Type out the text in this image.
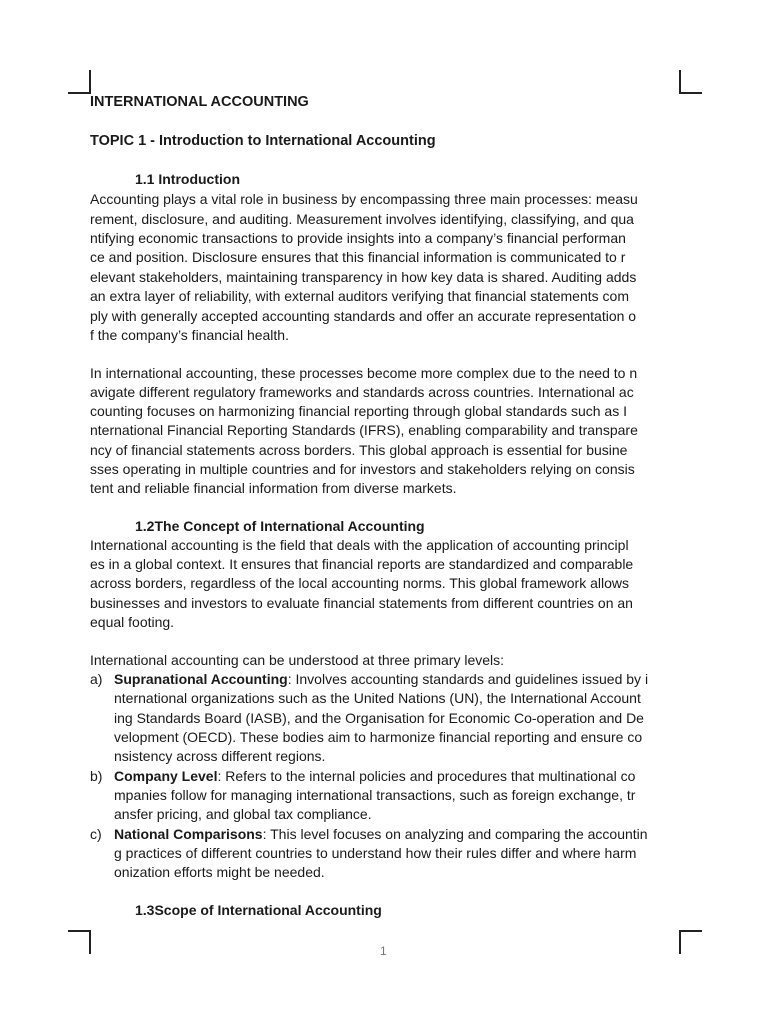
INTERNATIONAL ACCOUNTING
TOPIC 1 - Introduction to International Accounting
1.1 Introduction
Accounting plays a vital role in business by encompassing three main processes: measu
rement, disclosure, and auditing. Measurement involves identifying, classifying, and qua
ntifying economic transactions to provide insights into a company’s financial performan
ce and position. Disclosure ensures that this financial information is communicated to r
elevant stakeholders, maintaining transparency in how key data is shared. Auditing adds
an extra layer of reliability, with external auditors verifying that financial statements com
ply with generally accepted accounting standards and offer an accurate representation o
f the company’s financial health.
In international accounting, these processes become more complex due to the need to n
avigate different regulatory frameworks and standards across countries. International ac
counting focuses on harmonizing financial reporting through global standards such as I
nternational Financial Reporting Standards (IFRS), enabling comparability and transpare
ncy of financial statements across borders. This global approach is essential for busine
sses operating in multiple countries and for investors and stakeholders relying on consis
tent and reliable financial information from diverse markets.
1.2The Concept of International Accounting
International accounting is the field that deals with the application of accounting principl
es in a global context. It ensures that financial reports are standardized and comparable
across borders, regardless of the local accounting norms. This global framework allows
businesses and investors to evaluate financial statements from different countries on an
equal footing.
International accounting can be understood at three primary levels:
a) Supranational Accounting: Involves accounting standards and guidelines issued by i
nternational organizations such as the United Nations (UN), the International Account
ing Standards Board (IASB), and the Organisation for Economic Co-operation and De
velopment (OECD). These bodies aim to harmonize financial reporting and ensure co
nsistency across different regions.
b) Company Level: Refers to the internal policies and procedures that multinational co
mpanies follow for managing international transactions, such as foreign exchange, tr
ansfer pricing, and global tax compliance.
c) National Comparisons: This level focuses on analyzing and comparing the accountin
g practices of different countries to understand how their rules differ and where harm
onization efforts might be needed.
1.3Scope of International Accounting
1
